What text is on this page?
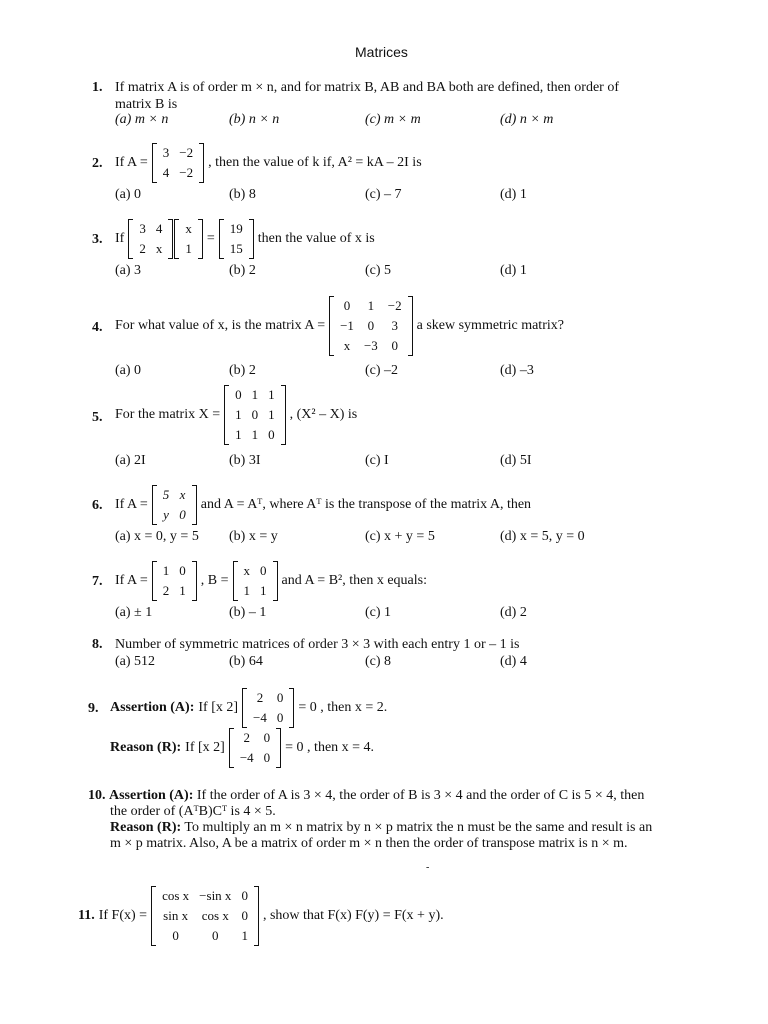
Matrices
1. If matrix A is of order m × n, and for matrix B, AB and BA both are defined, then order of
matrix B is
(a) m × n	(b) n × n	(c) m × m	(d) n × m
2. If A =
3	−2
4	−2
, then the value of k if, A² = kA – 2I is
(a) 0	(b) 8	(c) – 7	(d) 1
3. If
3	4
2	x
x
1
=
19
15
then the value of x is
(a) 3	(b) 2	(c) 5	(d) 1
4. For what value of x, is the matrix A =
0	1	−2
−1	0	3
x	−3	0
a skew symmetric matrix?
(a) 0	(b) 2	(c) –2	(d) –3
5. For the matrix X =
0	1	1
1	0	1
1	1	0
, (X² – X) is
(a) 2I	(b) 3I	(c) I	(d) 5I
6. If A =
5	x
y	0
and A = Aᵀ, where Aᵀ is the transpose of the matrix A, then
(a) x = 0, y = 5 (b) x = y	(c) x + y = 5	(d) x = 5, y = 0
7. If A =
1	0
2	1
, B =
x	0
1	1
and A = B², then x equals:
(a) ± 1	(b) – 1	(c) 1	(d) 2
8. Number of symmetric matrices of order 3 × 3 with each entry 1 or – 1 is
(a) 512	(b) 64	(c) 8	(d) 4
9. Assertion (A): If [x 2]
2	0
−4	0
= 0 , then x = 2.
Reason (R): If [x 2]
2	0
−4	0
= 0 , then x = 4.
10. Assertion (A): If the order of A is 3 × 4, the order of B is 3 × 4 and the order of C is 5 × 4, then
the order of (AᵀB)Cᵀ is 4 × 5.
Reason (R): To multiply an m × n matrix by n × p matrix the n must be the same and result is an
m × p matrix. Also, A be a matrix of order m × n then the order of transpose matrix is n × m.
-
11. If F(x) =
cos x	−sin x	0
sin x	cos x	0
0	0	1
, show that F(x) F(y) = F(x + y).
